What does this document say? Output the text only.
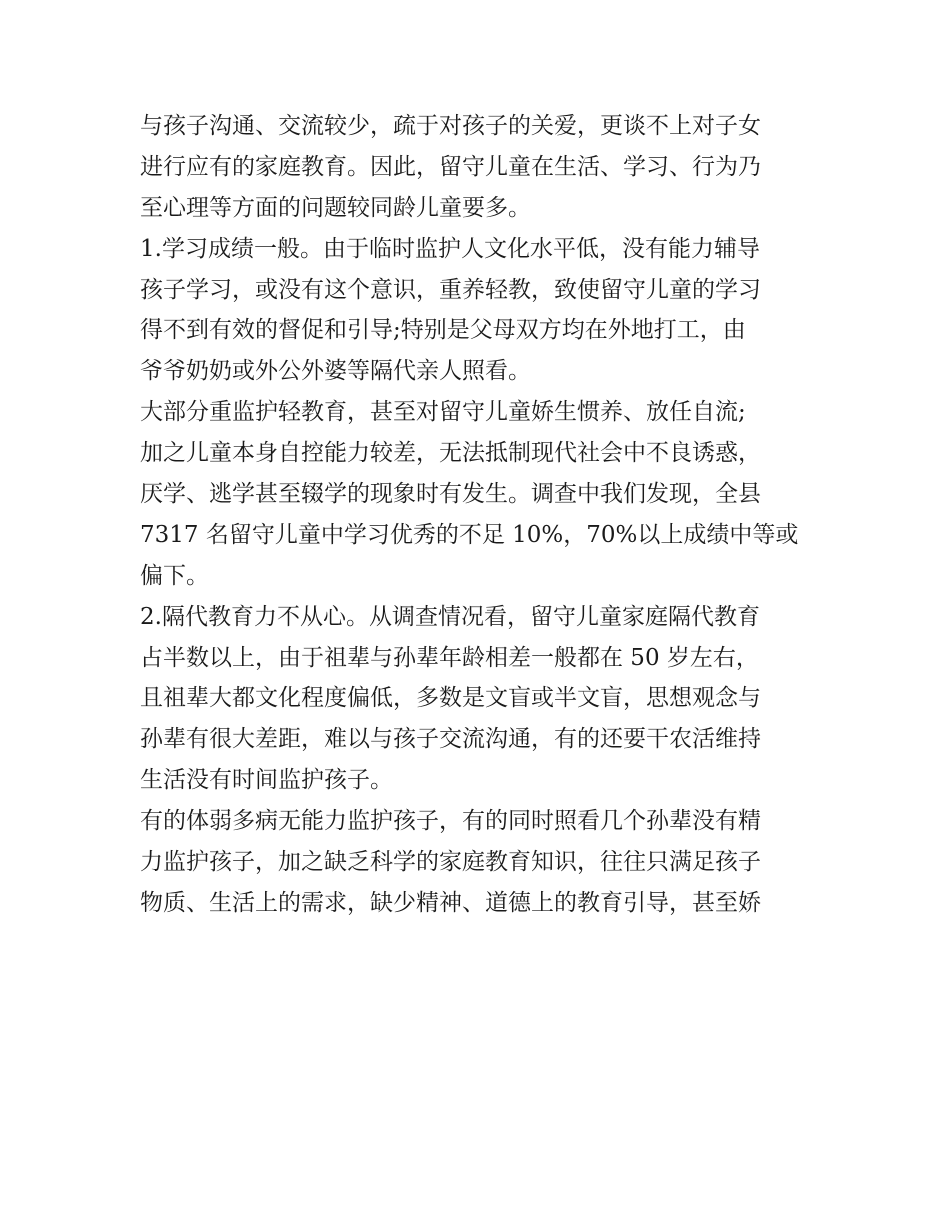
与孩子沟通、交流较少，疏于对孩子的关爱，更谈不上对子女
进行应有的家庭教育。因此，留守儿童在生活、学习、行为乃
至心理等方面的问题较同龄儿童要多。
1.学习成绩一般。由于临时监护人文化水平低，没有能力辅导
孩子学习，或没有这个意识，重养轻教，致使留守儿童的学习
得不到有效的督促和引导;特别是父母双方均在外地打工，由
爷爷奶奶或外公外婆等隔代亲人照看。
大部分重监护轻教育，甚至对留守儿童娇生惯养、放任自流;
加之儿童本身自控能力较差，无法抵制现代社会中不良诱惑，
厌学、逃学甚至辍学的现象时有发生。调查中我们发现，全县
7317 名留守儿童中学习优秀的不足 10%，70%以上成绩中等或
偏下。
2.隔代教育力不从心。从调查情况看，留守儿童家庭隔代教育
占半数以上，由于祖辈与孙辈年龄相差一般都在 50 岁左右，
且祖辈大都文化程度偏低，多数是文盲或半文盲，思想观念与
孙辈有很大差距，难以与孩子交流沟通，有的还要干农活维持
生活没有时间监护孩子。
有的体弱多病无能力监护孩子，有的同时照看几个孙辈没有精
力监护孩子，加之缺乏科学的家庭教育知识，往往只满足孩子
物质、生活上的需求，缺少精神、道德上的教育引导，甚至娇
